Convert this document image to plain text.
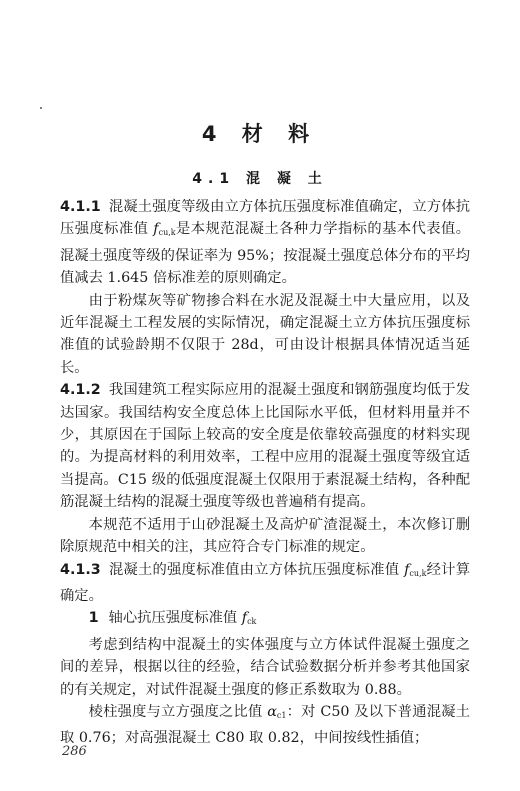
4 材 料
4.1 混 凝 土

4.1.1 混凝土强度等级由立方体抗压强度标准值确定，立方体抗压强度标准值 $f_{cu,k}$是本规范混凝土各种力学指标的基本代表值。混凝土强度等级的保证率为 95%；按混凝土强度总体分布的平均值减去 1.645 倍标准差的原则确定。

由于粉煤灰等矿物掺合料在水泥及混凝土中大量应用，以及近年混凝土工程发展的实际情况，确定混凝土立方体抗压强度标准值的试验龄期不仅限于 28d，可由设计根据具体情况适当延长。

4.1.2 我国建筑工程实际应用的混凝土强度和钢筋强度均低于发达国家。我国结构安全度总体上比国际水平低，但材料用量并不少，其原因在于国际上较高的安全度是依靠较高强度的材料实现的。为提高材料的利用效率，工程中应用的混凝土强度等级宜适当提高。C15 级的低强度混凝土仅限用于素混凝土结构，各种配筋混凝土结构的混凝土强度等级也普遍稍有提高。

本规范不适用于山砂混凝土及高炉矿渣混凝土，本次修订删除原规范中相关的注，其应符合专门标准的规定。

4.1.3 混凝土的强度标准值由立方体抗压强度标准值 $f_{cu,k}$经计算确定。

1 轴心抗压强度标准值 $f_{ck}$

考虑到结构中混凝土的实体强度与立方体试件混凝土强度之间的差异，根据以往的经验，结合试验数据分析并参考其他国家的有关规定，对试件混凝土强度的修正系数取为 0.88。

棱柱强度与立方强度之比值 $\alpha_{c1}$：对 C50 及以下普通混凝土取 0.76；对高强混凝土 C80 取 0.82，中间按线性插值；

286
